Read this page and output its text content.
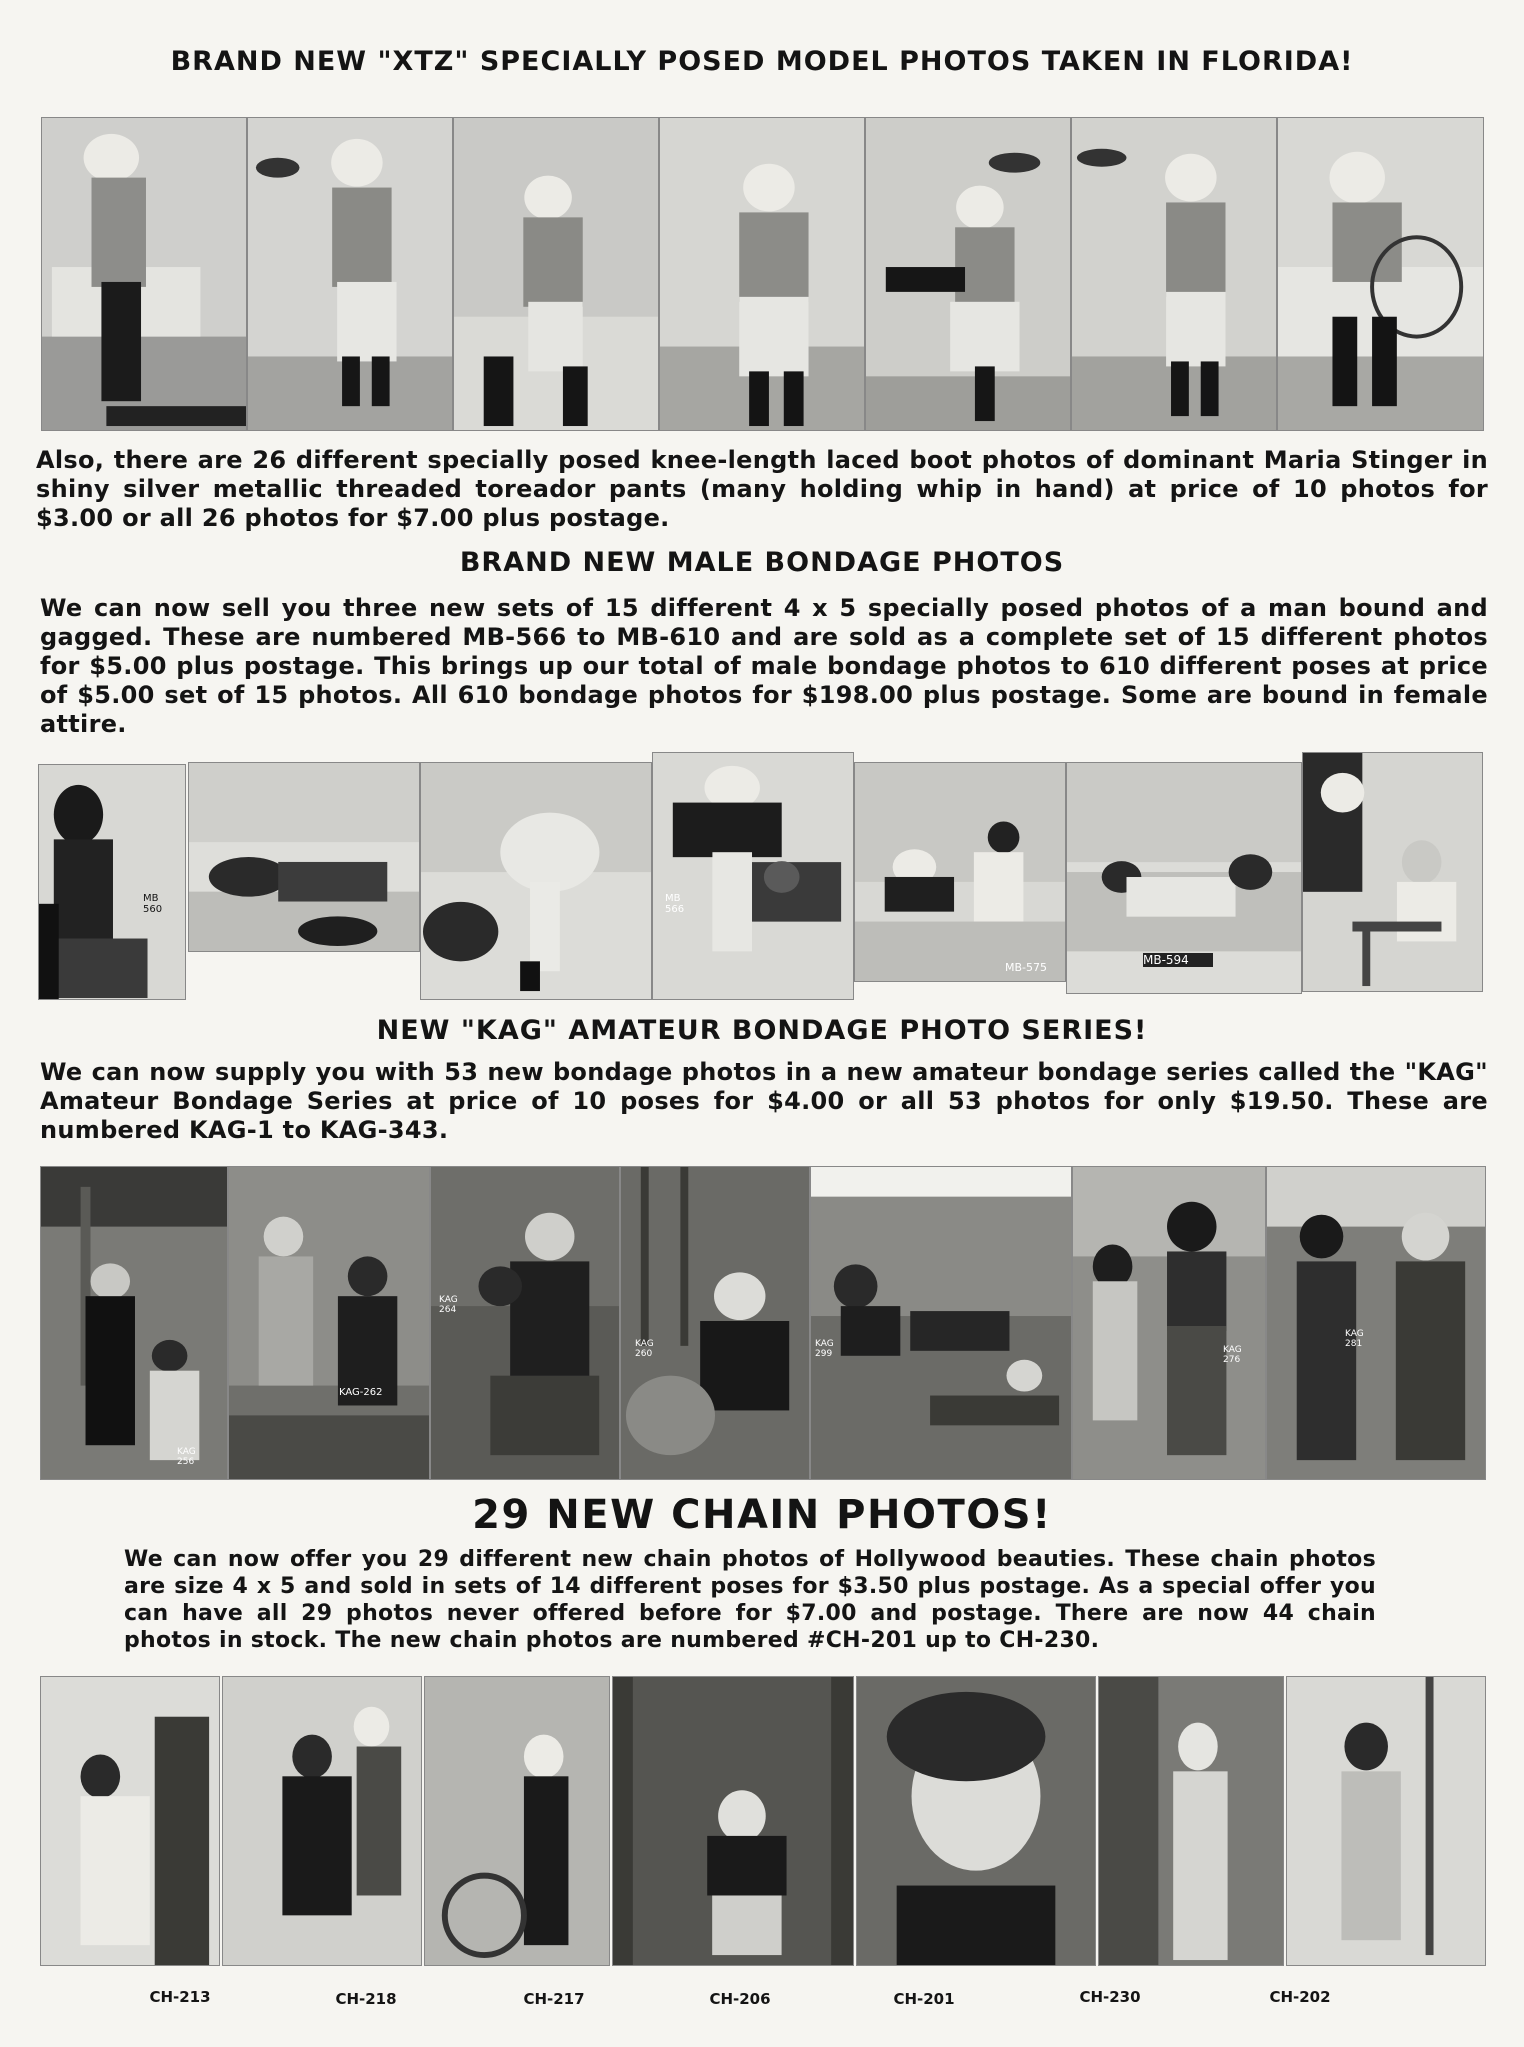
BRAND NEW "XTZ" SPECIALLY POSED MODEL PHOTOS TAKEN IN FLORIDA!
Also, there are 26 different specially posed knee-length laced boot photos of dominant Maria Stinger in shiny silver metallic threaded toreador pants (many holding whip in hand) at price of 10 photos for $3.00 or all 26 photos for $7.00 plus postage.
BRAND NEW MALE BONDAGE PHOTOS
We can now sell you three new sets of 15 different 4 x 5 specially posed photos of a man bound and gagged. These are numbered MB-566 to MB-610 and are sold as a complete set of 15 different photos for $5.00 plus postage. This brings up our total of male bondage photos to 610 different poses at price of $5.00 set of 15 photos. All 610 bondage photos for $198.00 plus postage. Some are bound in female attire.
MB 560
MB 566
MB-575
MB-594
NEW "KAG" AMATEUR BONDAGE PHOTO SERIES!
We can now supply you with 53 new bondage photos in a new amateur bondage series called the "KAG" Amateur Bondage Series at price of 10 poses for $4.00 or all 53 photos for only $19.50. These are numbered KAG-1 to KAG-343.
KAG 256
KAG-262
KAG 264
KAG 260
KAG 299	KAG 276
KAG 281
29 NEW CHAIN PHOTOS!
We can now offer you 29 different new chain photos of Hollywood beauties. These chain photos are size 4 x 5 and sold in sets of 14 different poses for $3.50 plus postage. As a special offer you can have all 29 photos never offered before for $7.00 and postage. There are now 44 chain photos in stock. The new chain photos are numbered #CH-201 up to CH-230.
CH-213	CH-218	CH-217	CH-206	CH-201	CH-230	CH-202
